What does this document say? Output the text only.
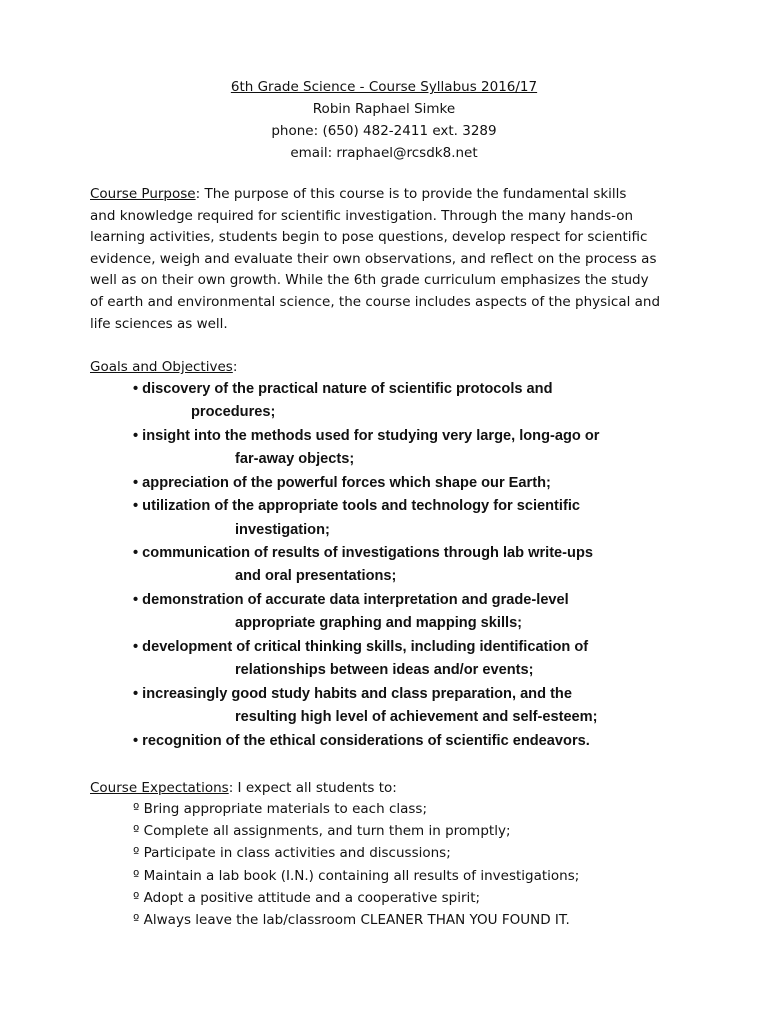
6th Grade Science - Course Syllabus 2016/17
Robin Raphael Simke
phone: (650) 482-2411 ext. 3289
email: rraphael@rcsdk8.net
Course Purpose: The purpose of this course is to provide the fundamental skills
and knowledge required for scientific investigation. Through the many hands-on
learning activities, students begin to pose questions, develop respect for scientific
evidence, weigh and evaluate their own observations, and reflect on the process as
well as on their own growth. While the 6th grade curriculum emphasizes the study
of earth and environmental science, the course includes aspects of the physical and
life sciences as well.
Goals and Objectives:
• discovery of the practical nature of scientific protocols and
procedures;
• insight into the methods used for studying very large, long-ago or
far-away objects;
• appreciation of the powerful forces which shape our Earth;
• utilization of the appropriate tools and technology for scientific
investigation;
• communication of results of investigations through lab write-ups
and oral presentations;
• demonstration of accurate data interpretation and grade-level
appropriate graphing and mapping skills;
• development of critical thinking skills, including identification of
relationships between ideas and/or events;
• increasingly good study habits and class preparation, and the
resulting high level of achievement and self-esteem;
• recognition of the ethical considerations of scientific endeavors.
Course Expectations: I expect all students to:
º Bring appropriate materials to each class;
º Complete all assignments, and turn them in promptly;
º Participate in class activities and discussions;
º Maintain a lab book (I.N.) containing all results of investigations;
º Adopt a positive attitude and a cooperative spirit;
º Always leave the lab/classroom CLEANER THAN YOU FOUND IT.
